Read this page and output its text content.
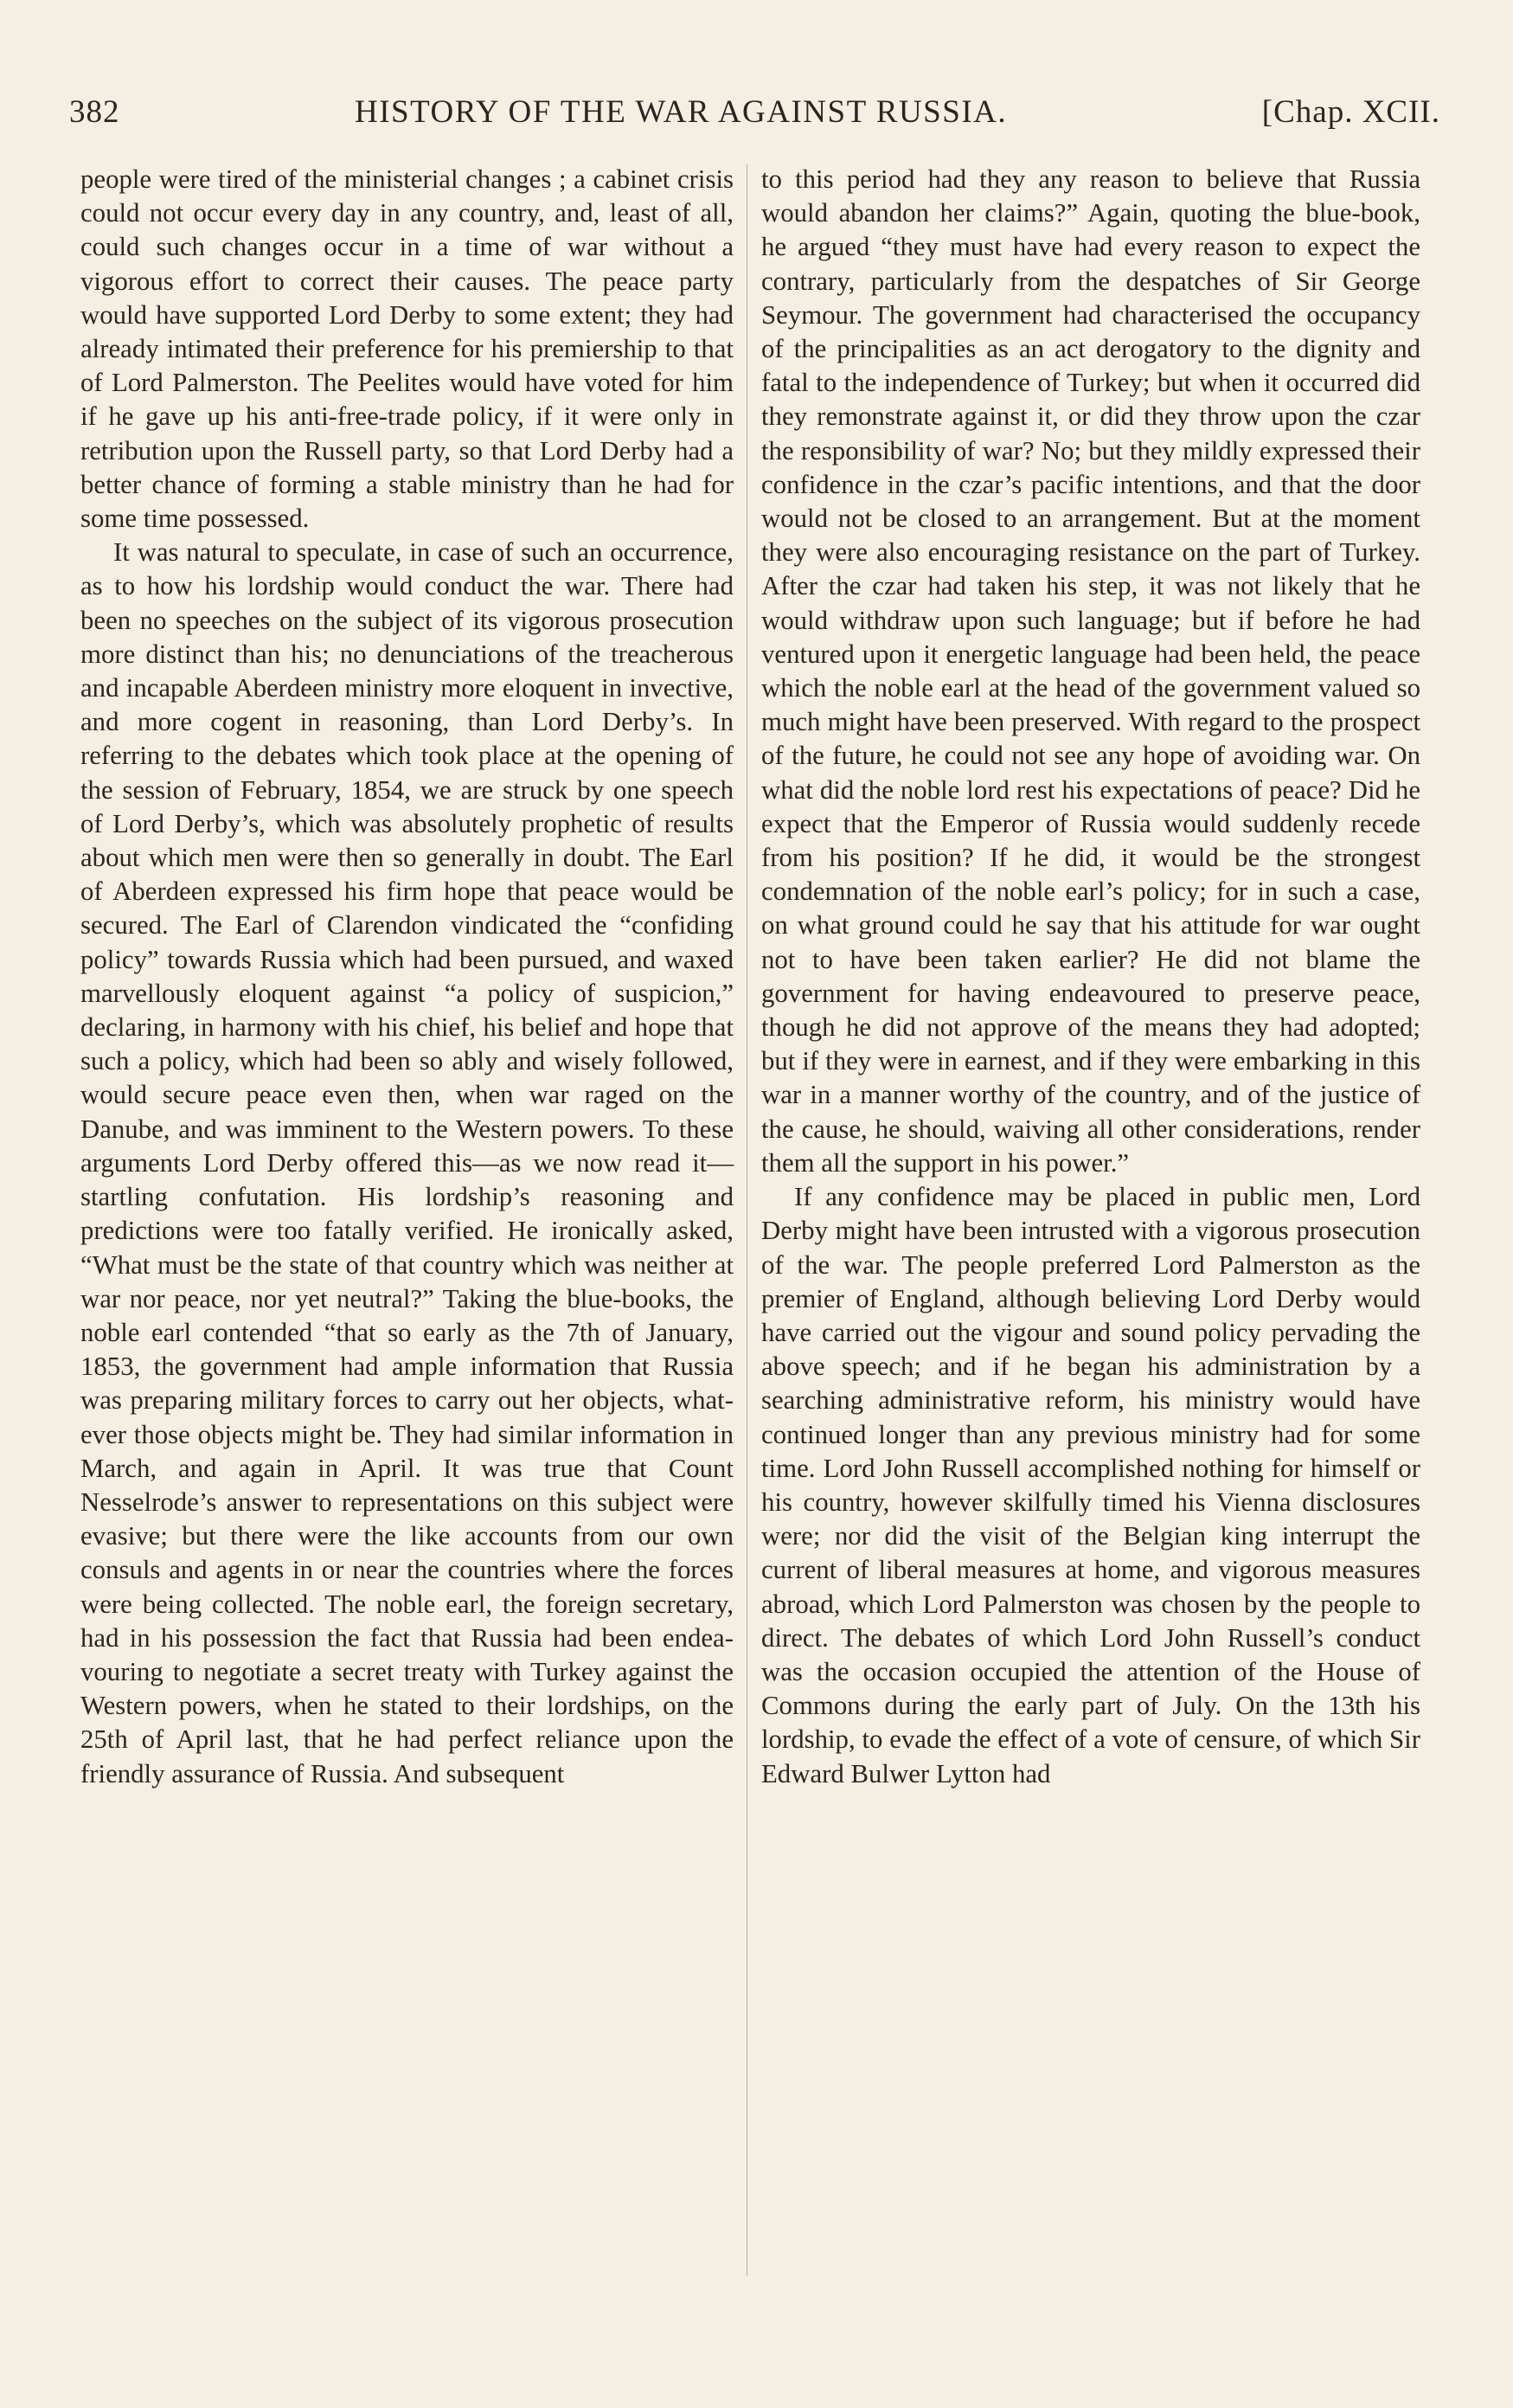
382	HISTORY OF THE WAR AGAINST RUSSIA.	[Chap. XCII.

people were tired of the ministerial changes ; a cabinet crisis could not occur every day in any country, and, least of all, could such changes occur in a time of war without a vigorous effort to correct their causes. The peace party would have supported Lord Derby to some extent; they had already intimated their preference for his premiership to that of Lord Palmerston. The Peelites would have voted for him if he gave up his anti-free-trade policy, if it were only in retribution upon the Russell party, so that Lord Derby had a better chance of forming a stable ministry than he had for some time possessed.

It was natural to speculate, in case of such an occurrence, as to how his lordship would conduct the war. There had been no speeches on the subject of its vigorous prosecution more distinct than his; no denunciations of the treacherous and incapable Aberdeen ministry more eloquent in invective, and more cogent in reasoning, than Lord Derby’s. In referring to the debates which took place at the opening of the session of February, 1854, we are struck by one speech of Lord Derby’s, which was absolutely prophetic of results about which men were then so generally in doubt. The Earl of Aberdeen expressed his firm hope that peace would be secured. The Earl of Clarendon vindicated the “confiding policy” towards Russia which had been pursued, and waxed marvellously eloquent against “a policy of suspicion,” declaring, in harmony with his chief, his belief and hope that such a policy, which had been so ably and wisely followed, would secure peace even then, when war raged on the Danube, and was imminent to the Western powers. To these arguments Lord Derby offered this—as we now read it—startling confutation. His lordship’s reasoning and predictions were too fatally verified. He ironically asked, “What must be the state of that country which was neither at war nor peace, nor yet neutral?” Taking the blue-books, the noble earl contended “that so early as the 7th of January, 1853, the government had ample information that Russia was preparing military forces to carry out her objects, whatever those objects might be. They had similar information in March, and again in April. It was true that Count Nesselrode’s answer to representations on this subject were evasive; but there were the like accounts from our own consuls and agents in or near the countries where the forces were being collected. The noble earl, the foreign secretary, had in his possession the fact that Russia had been endeavouring to negotiate a secret treaty with Turkey against the Western powers, when he stated to their lordships, on the 25th of April last, that he had perfect reliance upon the friendly assurance of Russia. And subsequent

to this period had they any reason to believe that Russia would abandon her claims?” Again, quoting the blue-book, he argued “they must have had every reason to expect the contrary, particularly from the despatches of Sir George Seymour. The government had characterised the occupancy of the principalities as an act derogatory to the dignity and fatal to the independence of Turkey; but when it occurred did they remonstrate against it, or did they throw upon the czar the responsibility of war? No; but they mildly expressed their confidence in the czar’s pacific intentions, and that the door would not be closed to an arrangement. But at the moment they were also encouraging resistance on the part of Turkey. After the czar had taken his step, it was not likely that he would withdraw upon such language; but if before he had ventured upon it energetic language had been held, the peace which the noble earl at the head of the government valued so much might have been preserved. With regard to the prospect of the future, he could not see any hope of avoiding war. On what did the noble lord rest his expectations of peace? Did he expect that the Emperor of Russia would suddenly recede from his position? If he did, it would be the strongest condemnation of the noble earl’s policy; for in such a case, on what ground could he say that his attitude for war ought not to have been taken earlier? He did not blame the government for having endeavoured to preserve peace, though he did not approve of the means they had adopted; but if they were in earnest, and if they were embarking in this war in a manner worthy of the country, and of the justice of the cause, he should, waiving all other considerations, render them all the support in his power.”

If any confidence may be placed in public men, Lord Derby might have been intrusted with a vigorous prosecution of the war. The people preferred Lord Palmerston as the premier of England, although believing Lord Derby would have carried out the vigour and sound policy pervading the above speech; and if he began his administration by a searching administrative reform, his ministry would have continued longer than any previous ministry had for some time. Lord John Russell accomplished nothing for himself or his country, however skilfully timed his Vienna disclosures were; nor did the visit of the Belgian king interrupt the current of liberal measures at home, and vigorous measures abroad, which Lord Palmerston was chosen by the people to direct. The debates of which Lord John Russell’s conduct was the occasion occupied the attention of the House of Commons during the early part of July. On the 13th his lordship, to evade the effect of a vote of censure, of which Sir Edward Bulwer Lytton had
